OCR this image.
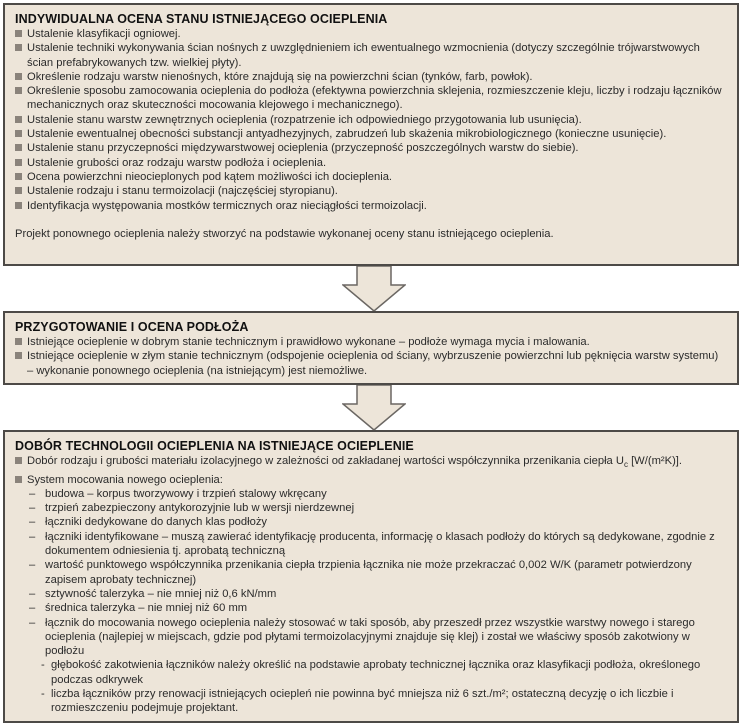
INDYWIDUALNA OCENA STANU ISTNIEJĄCEGO OCIEPLENIA
Ustalenie klasyfikacji ogniowej.
Ustalenie techniki wykonywania ścian nośnych z uwzględnieniem ich ewentualnego wzmocnienia (dotyczy szczególnie trójwarstwowych ścian prefabrykowanych tzw. wielkiej płyty).
Określenie rodzaju warstw nienośnych, które znajdują się na powierzchni ścian (tynków, farb, powłok).
Określenie sposobu zamocowania ocieplenia do podłoża (efektywna powierzchnia sklejenia, rozmieszczenie kleju, liczby i rodzaju łączników mechanicznych oraz skuteczności mocowania klejowego i mechanicznego).
Ustalenie stanu warstw zewnętrznych ocieplenia (rozpatrzenie ich odpowiedniego przygotowania lub usunięcia).
Ustalenie ewentualnej obecności substancji antyadhezyjnych, zabrudzeń lub skażenia mikrobiologicznego (konieczne usunięcie).
Ustalenie stanu przyczepności międzywarstwowej ocieplenia (przyczepność poszczególnych warstw do siebie).
Ustalenie grubości oraz rodzaju warstw podłoża i ocieplenia.
Ocena powierzchni nieocieplonych pod kątem możliwości ich docieplenia.
Ustalenie rodzaju i stanu termoizolacji (najczęściej styropianu).
Identyfikacja występowania mostków termicznych oraz nieciągłości termoizolacji.
Projekt ponownego ocieplenia należy stworzyć na podstawie wykonanej oceny stanu istniejącego ocieplenia.
PRZYGOTOWANIE I OCENA PODŁOŻA
Istniejące ocieplenie w dobrym stanie technicznym i prawidłowo wykonane – podłoże wymaga mycia i malowania.
Istniejące ocieplenie w złym stanie technicznym (odspojenie ocieplenia od ściany, wybrzuszenie powierzchni lub pęknięcia warstw systemu) – wykonanie ponownego ocieplenia (na istniejącym) jest niemożliwe.
DOBÓR TECHNOLOGII OCIEPLENIA NA ISTNIEJĄCE OCIEPLENIE
Dobór rodzaju i grubości materiału izolacyjnego w zależności od zakładanej wartości współczynnika przenikania ciepła $U_c$ [W/(m²K)].
System mocowania nowego ocieplenia:
– budowa – korpus tworzywowy i trzpień stalowy wkręcany
– trzpień zabezpieczony antykorozyjnie lub w wersji nierdzewnej
– łączniki dedykowane do danych klas podłoży
– łączniki identyfikowane – muszą zawierać identyfikację producenta, informację o klasach podłoży do których są dedykowane, zgodnie z dokumentem odniesienia tj. aprobatą techniczną
– wartość punktowego współczynnika przenikania ciepła trzpienia łącznika nie może przekraczać 0,002 W/K (parametr potwierdzony zapisem aprobaty technicznej)
– sztywność talerzyka – nie mniej niż 0,6 kN/mm
– średnica talerzyka – nie mniej niż 60 mm
– łącznik do mocowania nowego ocieplenia należy stosować w taki sposób, aby przeszedł przez wszystkie warstwy nowego i starego ocieplenia (najlepiej w miejscach, gdzie pod płytami termoizolacyjnymi znajduje się klej) i został we właściwy sposób zakotwiony w podłożu
- głębokość zakotwienia łączników należy określić na podstawie aprobaty technicznej łącznika oraz klasyfikacji podłoża, określonego podczas odkrywek
- liczba łączników przy renowacji istniejących ociepleń nie powinna być mniejsza niż 6 szt./m²; ostateczną decyzję o ich liczbie i rozmieszczeniu podejmuje projektant.
